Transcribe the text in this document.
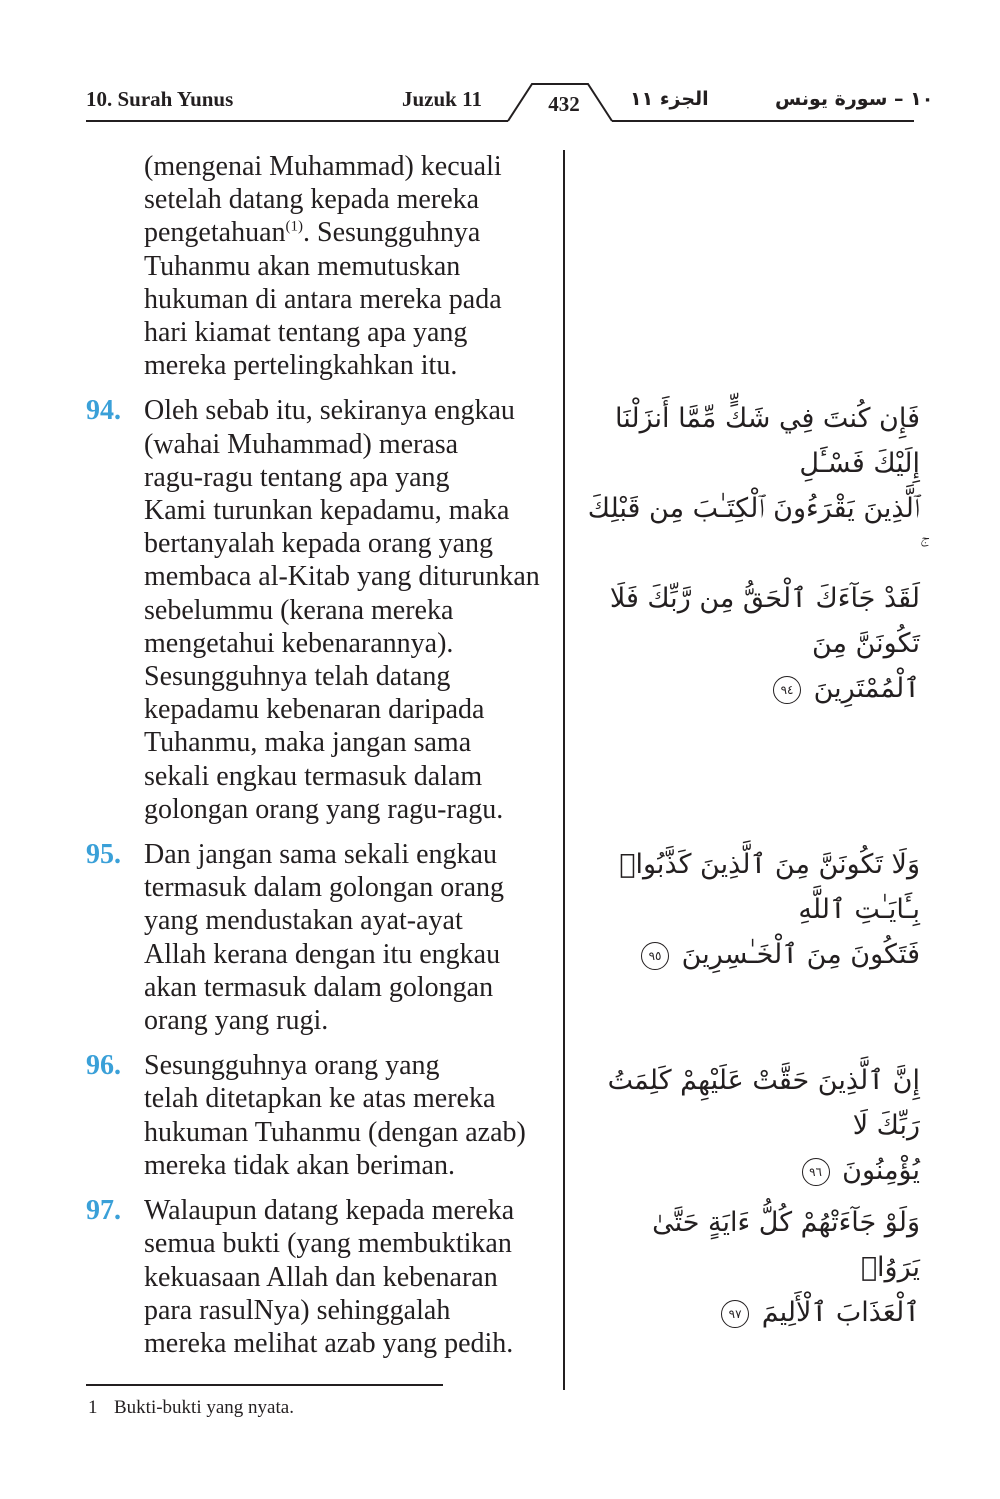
10. Surah Yunus	Juzuk 11	432	الجزء ١١	١٠ – سورة يونس
(mengenai Muhammad) kecuali
setelah datang kepada mereka
pengetahuan$^{(1)}$. Sesungguhnya
Tuhanmu akan memutuskan
hukuman di antara mereka pada
hari kiamat tentang apa yang
mereka pertelingkahkan itu.
94. Oleh sebab itu, sekiranya engkau
(wahai Muhammad) merasa
ragu-ragu tentang apa yang
Kami turunkan kepadamu, maka
bertanyalah kepada orang yang
membaca al-Kitab yang diturunkan
sebelummu (kerana mereka
mengetahui kebenarannya).
Sesungguhnya telah datang
kepadamu kebenaran daripada
Tuhanmu, maka jangan sama
sekali engkau termasuk dalam
golongan orang yang ragu-ragu.
95. Dan jangan sama sekali engkau
termasuk dalam golongan orang
yang mendustakan ayat-ayat
Allah kerana dengan itu engkau
akan termasuk dalam golongan
orang yang rugi.
96. Sesungguhnya orang yang
telah ditetapkan ke atas mereka
hukuman Tuhanmu (dengan azab)
mereka tidak akan beriman.
97. Walaupun datang kepada mereka
semua bukti (yang membuktikan
kekuasaan Allah dan kebenaran
para rasulNya) sehinggalah
mereka melihat azab yang pedih.
فَإِن كُنتَ فِي شَكٍّ مِّمَّا أَنزَلْنَا إِلَيْكَ فَسْـَٔلِ
ٱلَّذِينَ يَقْرَءُونَ ٱلْكِتَـٰبَ مِن قَبْلِكَ
لَقَدْ جَآءَكَ ٱلْحَقُّ مِن رَّبِّكَ فَلَا تَكُونَنَّ مِنَ
ٱلْمُمْتَرِينَ ٩٤
وَلَا تَكُونَنَّ مِنَ ٱلَّذِينَ كَذَّبُوا۟ بِـَٔايَـٰتِ ٱللَّهِ
فَتَكُونَ مِنَ ٱلْخَـٰسِرِينَ ٩٥
إِنَّ ٱلَّذِينَ حَقَّتْ عَلَيْهِمْ كَلِمَتُ رَبِّكَ لَا
يُؤْمِنُونَ ٩٦
وَلَوْ جَآءَتْهُمْ كُلُّ ءَايَةٍ حَتَّىٰ يَرَوُا۟
ٱلْعَذَابَ ٱلْأَلِيمَ ٩٧
1 Bukti-bukti yang nyata.
